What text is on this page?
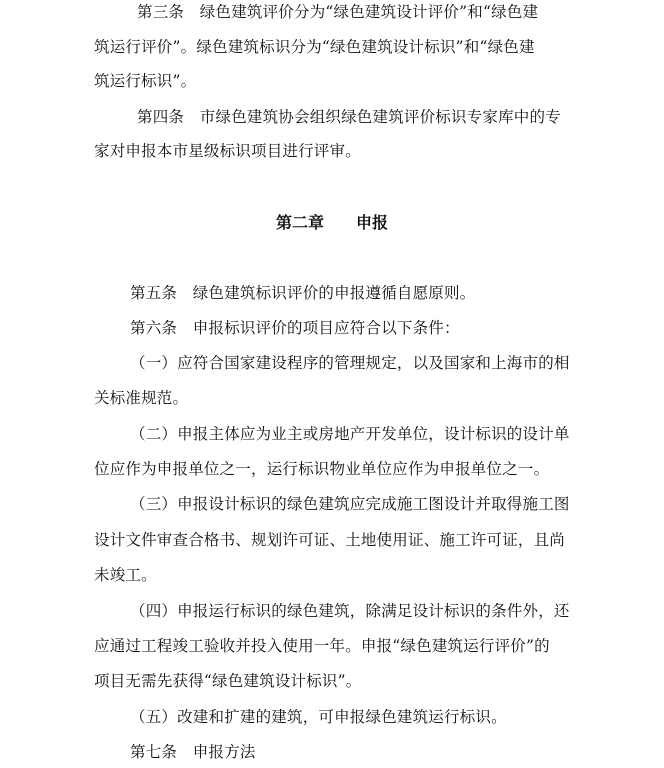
第三条　绿色建筑评价分为“绿色建筑设计评价”和“绿色建
筑运行评价”。绿色建筑标识分为“绿色建筑设计标识”和“绿色建
筑运行标识”。
第四条　市绿色建筑协会组织绿色建筑评价标识专家库中的专
家对申报本市星级标识项目进行评审。
第二章　　申报
第五条　绿色建筑标识评价的申报遵循自愿原则。
第六条　申报标识评价的项目应符合以下条件：
（一）应符合国家建设程序的管理规定，以及国家和上海市的相
关标准规范。
（二）申报主体应为业主或房地产开发单位，设计标识的设计单
位应作为申报单位之一，运行标识物业单位应作为申报单位之一。
（三）申报设计标识的绿色建筑应完成施工图设计并取得施工图
设计文件审查合格书、规划许可证、土地使用证、施工许可证，且尚
未竣工。
（四）申报运行标识的绿色建筑，除满足设计标识的条件外，还
应通过工程竣工验收并投入使用一年。申报“绿色建筑运行评价”的
项目无需先获得“绿色建筑设计标识”。
（五）改建和扩建的建筑，可申报绿色建筑运行标识。
第七条　申报方法
